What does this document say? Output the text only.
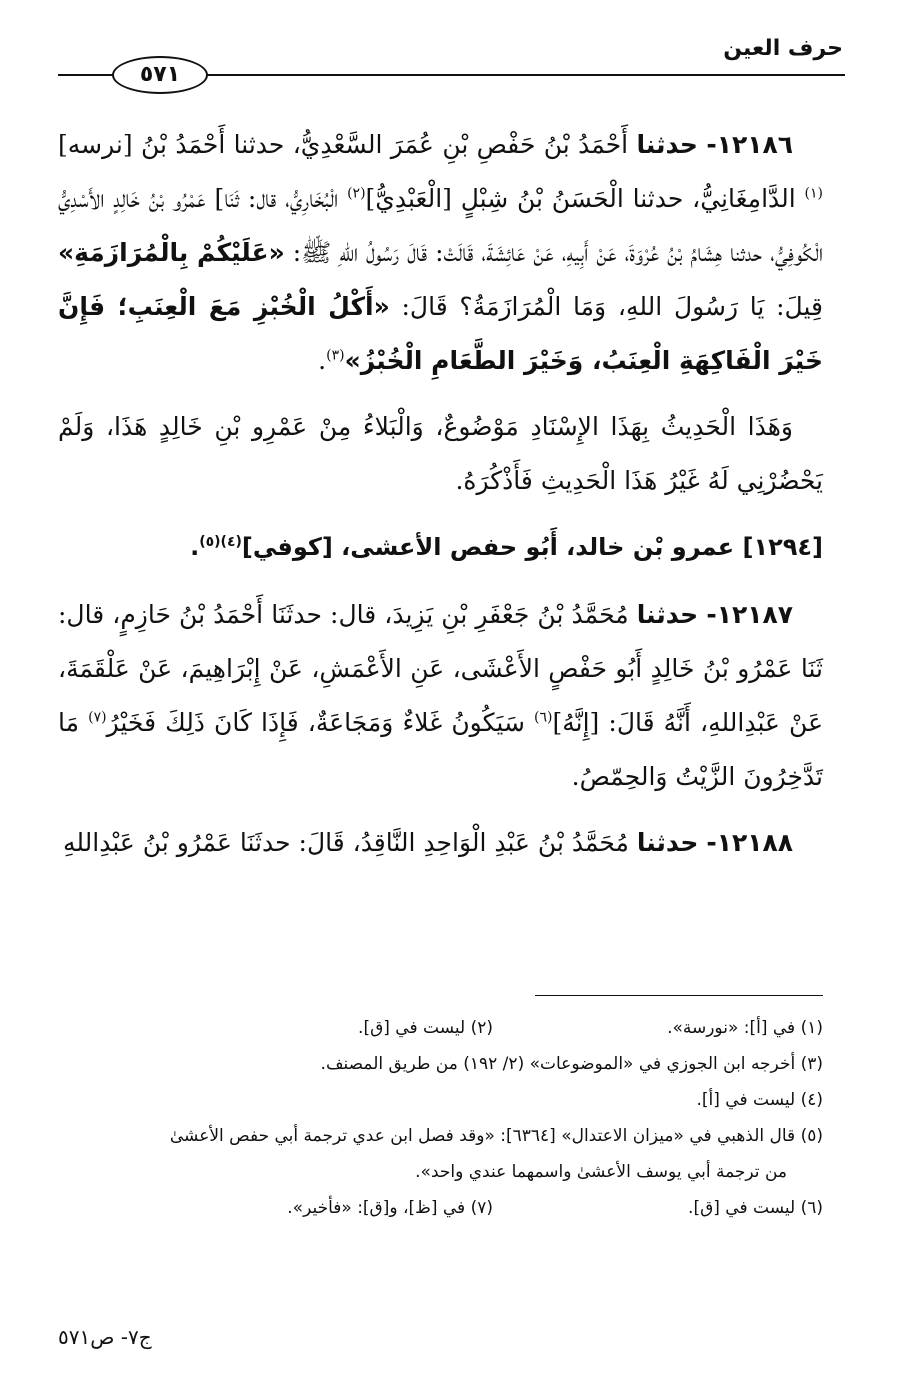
حرف العين
٥٧١

١٢١٨٦- حدثنا أَحْمَدُ بْنُ حَفْصِ بْنِ عُمَرَ السَّعْدِيُّ، حدثنا أَحْمَدُ بْنُ [نرسه]$^{(١)}$ الدَّامِغَانِيُّ، حدثنا الْحَسَنُ بْنُ شِبْلٍ [الْعَبْدِيُّ]$^{(٢)}$ الْبُخَارِيُّ، قال: ثَنَا] عَمْرُو بْنُ خَالِدٍ الأَسْدِيُّ الْكُوفِيُّ، حدثنا هِشَامُ بْنُ عُرْوَةَ، عَنْ أَبِيهِ، عَنْ عَائِشَةَ، قَالَتْ: قَالَ رَسُولُ اللهِ ﷺ: «عَلَيْكُمْ بِالْمُرَازَمَةِ» قِيلَ: يَا رَسُولَ اللهِ، وَمَا الْمُرَازَمَةُ؟ قَالَ: «أَكْلُ الْخُبْزِ مَعَ الْعِنَبِ؛ فَإِنَّ خَيْرَ الْفَاكِهَةِ الْعِنَبُ، وَخَيْرَ الطَّعَامِ الْخُبْزُ»$^{(٣)}$.

وَهَذَا الْحَدِيثُ بِهَذَا الإِسْنَادِ مَوْضُوعٌ، وَالْبَلاءُ مِنْ عَمْرِو بْنِ خَالِدٍ هَذَا، وَلَمْ يَحْضُرْنِي لَهُ غَيْرُ هَذَا الْحَدِيثِ فَأَذْكُرَهُ.

[١٢٩٤] عمرو بْن خالد، أَبُو حفص الأعشى، [كوفي]$^{(٤)(٥)}$.

١٢١٨٧- حدثنا مُحَمَّدُ بْنُ جَعْفَرِ بْنِ يَزِيدَ، قال: حدثَنَا أَحْمَدُ بْنُ حَازِمٍ، قال: ثَنَا عَمْرُو بْنُ خَالِدٍ أَبُو حَفْصٍ الأَعْشَى، عَنِ الأَعْمَشِ، عَنْ إِبْرَاهِيمَ، عَنْ عَلْقَمَةَ، عَنْ عَبْدِاللهِ، أَنَّهُ قَالَ: [إِنَّهُ]$^{(٦)}$ سَيَكُونُ غَلاءٌ وَمَجَاعَةٌ، فَإِذَا كَانَ ذَلِكَ فَخَيْرُ$^{(٧)}$ مَا تَدَّخِرُونَ الزَّيْتُ وَالحِمّصُ.

١٢١٨٨- حدثنا مُحَمَّدُ بْنُ عَبْدِ الْوَاحِدِ النَّاقِدُ، قَالَ: حدثَنَا عَمْرُو بْنُ عَبْدِاللهِ

(١) في [أ]: «نورسة».
(٢) ليست في [ق].
(٣) أخرجه ابن الجوزي في «الموضوعات» (٢/ ١٩٢) من طريق المصنف.
(٤) ليست في [أ].
(٥) قال الذهبي في «ميزان الاعتدال» [٦٣٦٤]: «وقد فصل ابن عدي ترجمة أبي حفص الأعشىٰ
من ترجمة أبي يوسف الأعشىٰ واسمهما عندي واحد».
(٦) ليست في [ق].
(٧) في [ظ]، و[ق]: «فأخير».
ج٧- ص٥٧١
